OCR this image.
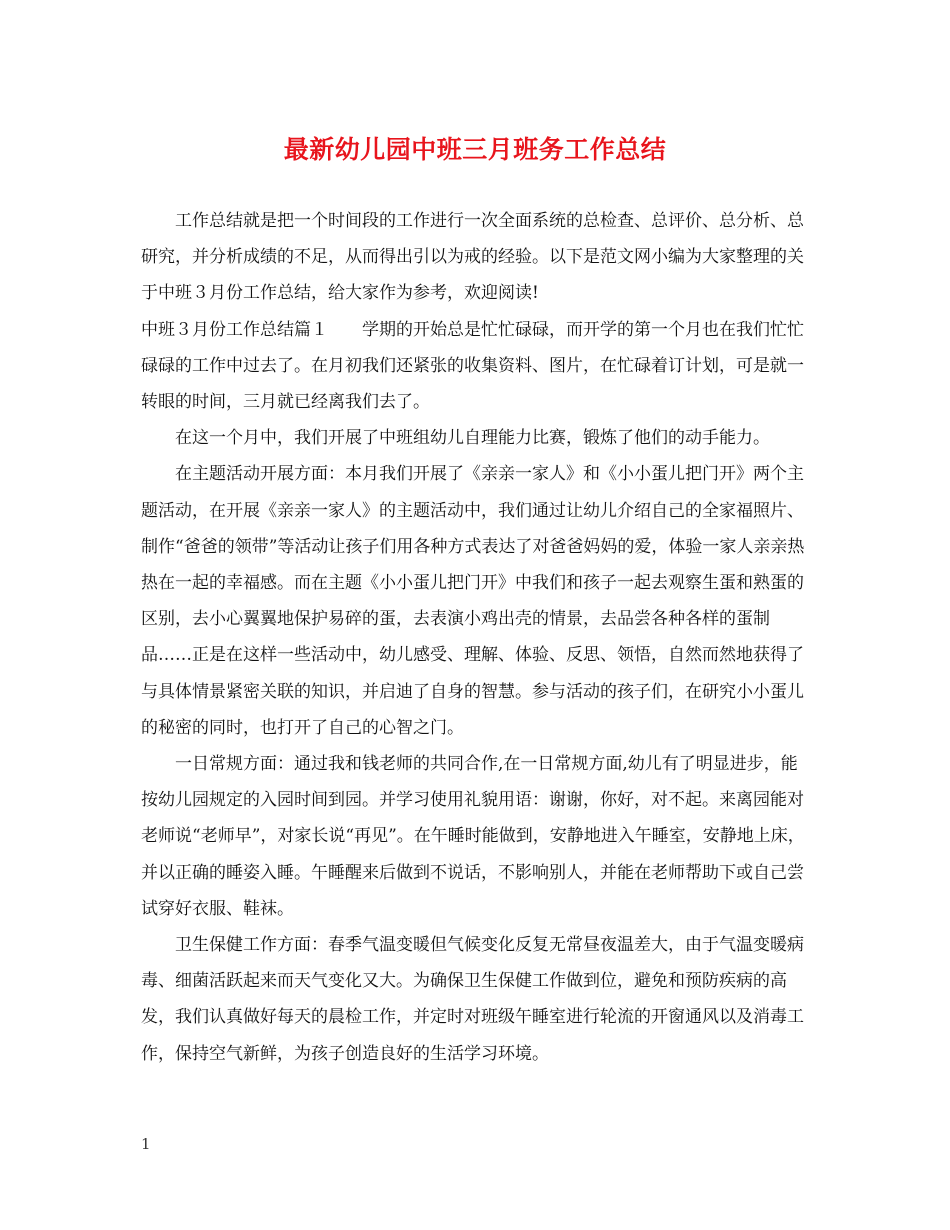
最新幼儿园中班三月班务工作总结

工作总结就是把一个时间段的工作进行一次全面系统的总检查、总评价、总分析、总研究，并分析成绩的不足，从而得出引以为戒的经验。以下是范文网小编为大家整理的关于中班３月份工作总结，给大家作为参考，欢迎阅读!

中班３月份工作总结篇１　　学期的开始总是忙忙碌碌，而开学的第一个月也在我们忙忙碌碌的工作中过去了。在月初我们还紧张的收集资料、图片，在忙碌着订计划，可是就一转眼的时间，三月就已经离我们去了。

在这一个月中，我们开展了中班组幼儿自理能力比赛，锻炼了他们的动手能力。

在主题活动开展方面：本月我们开展了《亲亲一家人》和《小小蛋儿把门开》两个主题活动，在开展《亲亲一家人》的主题活动中，我们通过让幼儿介绍自己的全家福照片、制作“爸爸的领带”等活动让孩子们用各种方式表达了对爸爸妈妈的爱，体验一家人亲亲热热在一起的幸福感。而在主题《小小蛋儿把门开》中我们和孩子一起去观察生蛋和熟蛋的区别，去小心翼翼地保护易碎的蛋，去表演小鸡出壳的情景，去品尝各种各样的蛋制品……正是在这样一些活动中，幼儿感受、理解、体验、反思、领悟，自然而然地获得了与具体情景紧密关联的知识，并启迪了自身的智慧。参与活动的孩子们，在研究小小蛋儿的秘密的同时，也打开了自己的心智之门。

一日常规方面：通过我和钱老师的共同合作,在一日常规方面,幼儿有了明显进步，能按幼儿园规定的入园时间到园。并学习使用礼貌用语：谢谢，你好，对不起。来离园能对老师说“老师早”，对家长说“再见”。在午睡时能做到，安静地进入午睡室，安静地上床，并以正确的睡姿入睡。午睡醒来后做到不说话，不影响别人，并能在老师帮助下或自己尝试穿好衣服、鞋袜。

卫生保健工作方面：春季气温变暖但气候变化反复无常昼夜温差大，由于气温变暖病毒、细菌活跃起来而天气变化又大。为确保卫生保健工作做到位，避免和预防疾病的高发，我们认真做好每天的晨检工作，并定时对班级午睡室进行轮流的开窗通风以及消毒工作，保持空气新鲜，为孩子创造良好的生活学习环境。

1
